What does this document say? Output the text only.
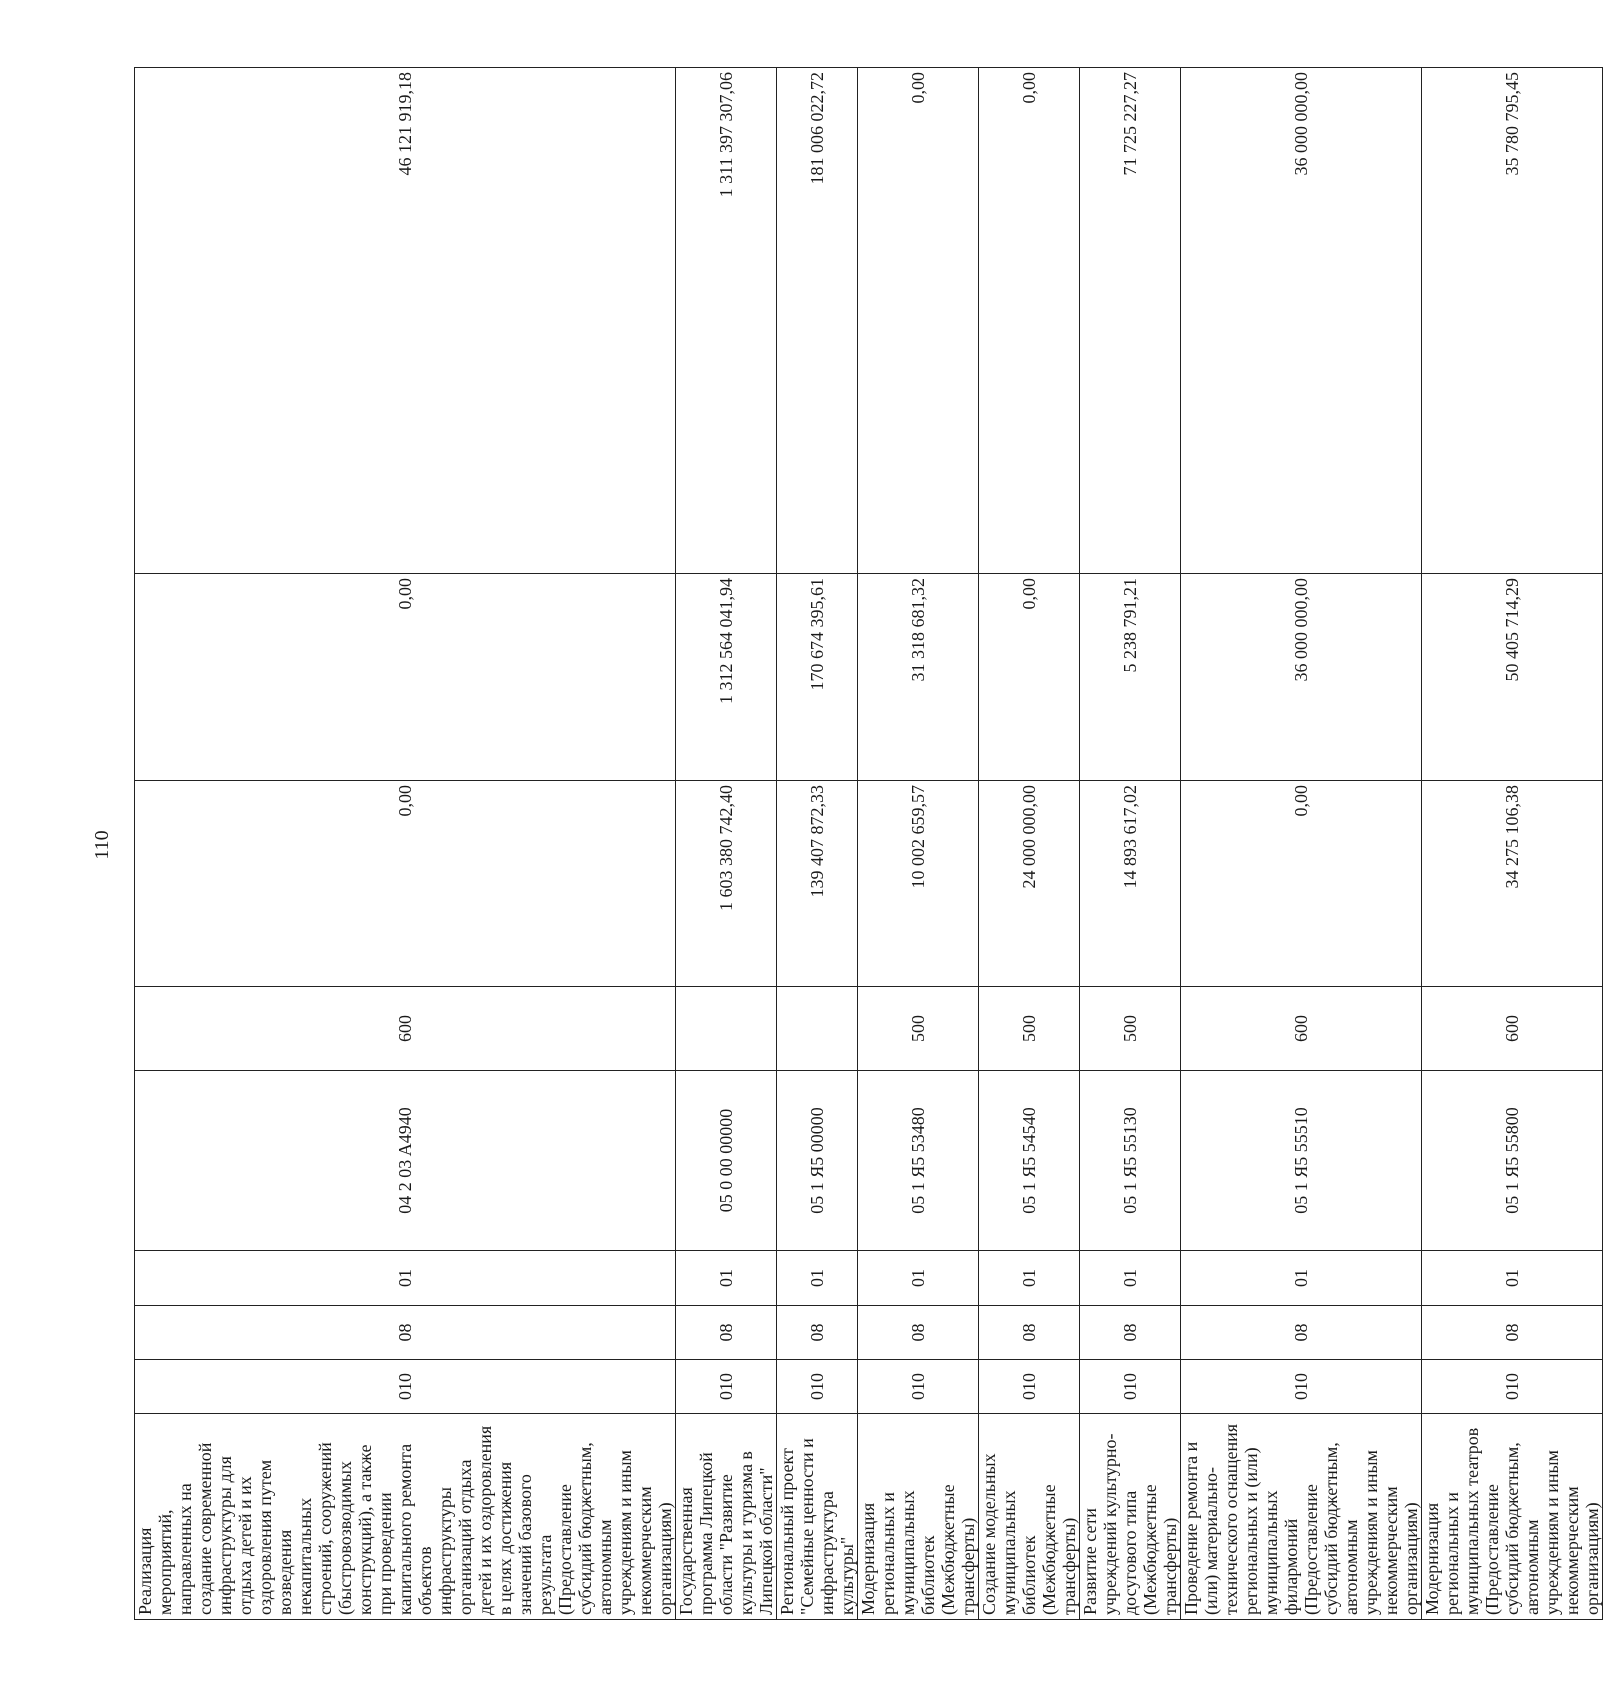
110
Реализация мероприятий, направленных на создание современной инфраструктуры для отдыха детей и их оздоровления путем возведения некапитальных строений, сооружений (быстровозводимых конструкций), а также при проведении капитального ремонта объектов инфраструктуры организаций отдыха детей и их оздоровления в целях достижения значений базового результата (Предоставление субсидий бюджетным, автономным учреждениям и иным некоммерческим организациям)	010	08	01	04 2 03 A4940	600	0,00	0,00	46 121 919,18
Государственная программа Липецкой области "Развитие культуры и туризма в Липецкой области"	010	08	01	05 0 00 00000		1 603 380 742,40	1 312 564 041,94	1 311 397 307,06
Региональный проект "Семейные ценности и инфраструктура культуры"	010	08	01	05 1 Я5 00000		139 407 872,33	170 674 395,61	181 006 022,72
Модернизация региональных и муниципальных библиотек (Межбюджетные трансферты)	010	08	01	05 1 Я5 53480	500	10 002 659,57	31 318 681,32	0,00
Создание модельных муниципальных библиотек (Межбюджетные трансферты)	010	08	01	05 1 Я5 54540	500	24 000 000,00	0,00	0,00
Развитие сети учреждений культурно-досугового типа (Межбюджетные трансферты)	010	08	01	05 1 Я5 55130	500	14 893 617,02	5 238 791,21	71 725 227,27
Проведение ремонта и (или) материально-технического оснащения региональных и (или) муниципальных филармоний (Предоставление субсидий бюджетным, автономным учреждениям и иным некоммерческим организациям)	010	08	01	05 1 Я5 55510	600	0,00	36 000 000,00	36 000 000,00
Модернизация региональных и муниципальных театров (Предоставление субсидий бюджетным, автономным учреждениям и иным некоммерческим организациям)	010	08	01	05 1 Я5 55800	600	34 275 106,38	50 405 714,29	35 780 795,45
